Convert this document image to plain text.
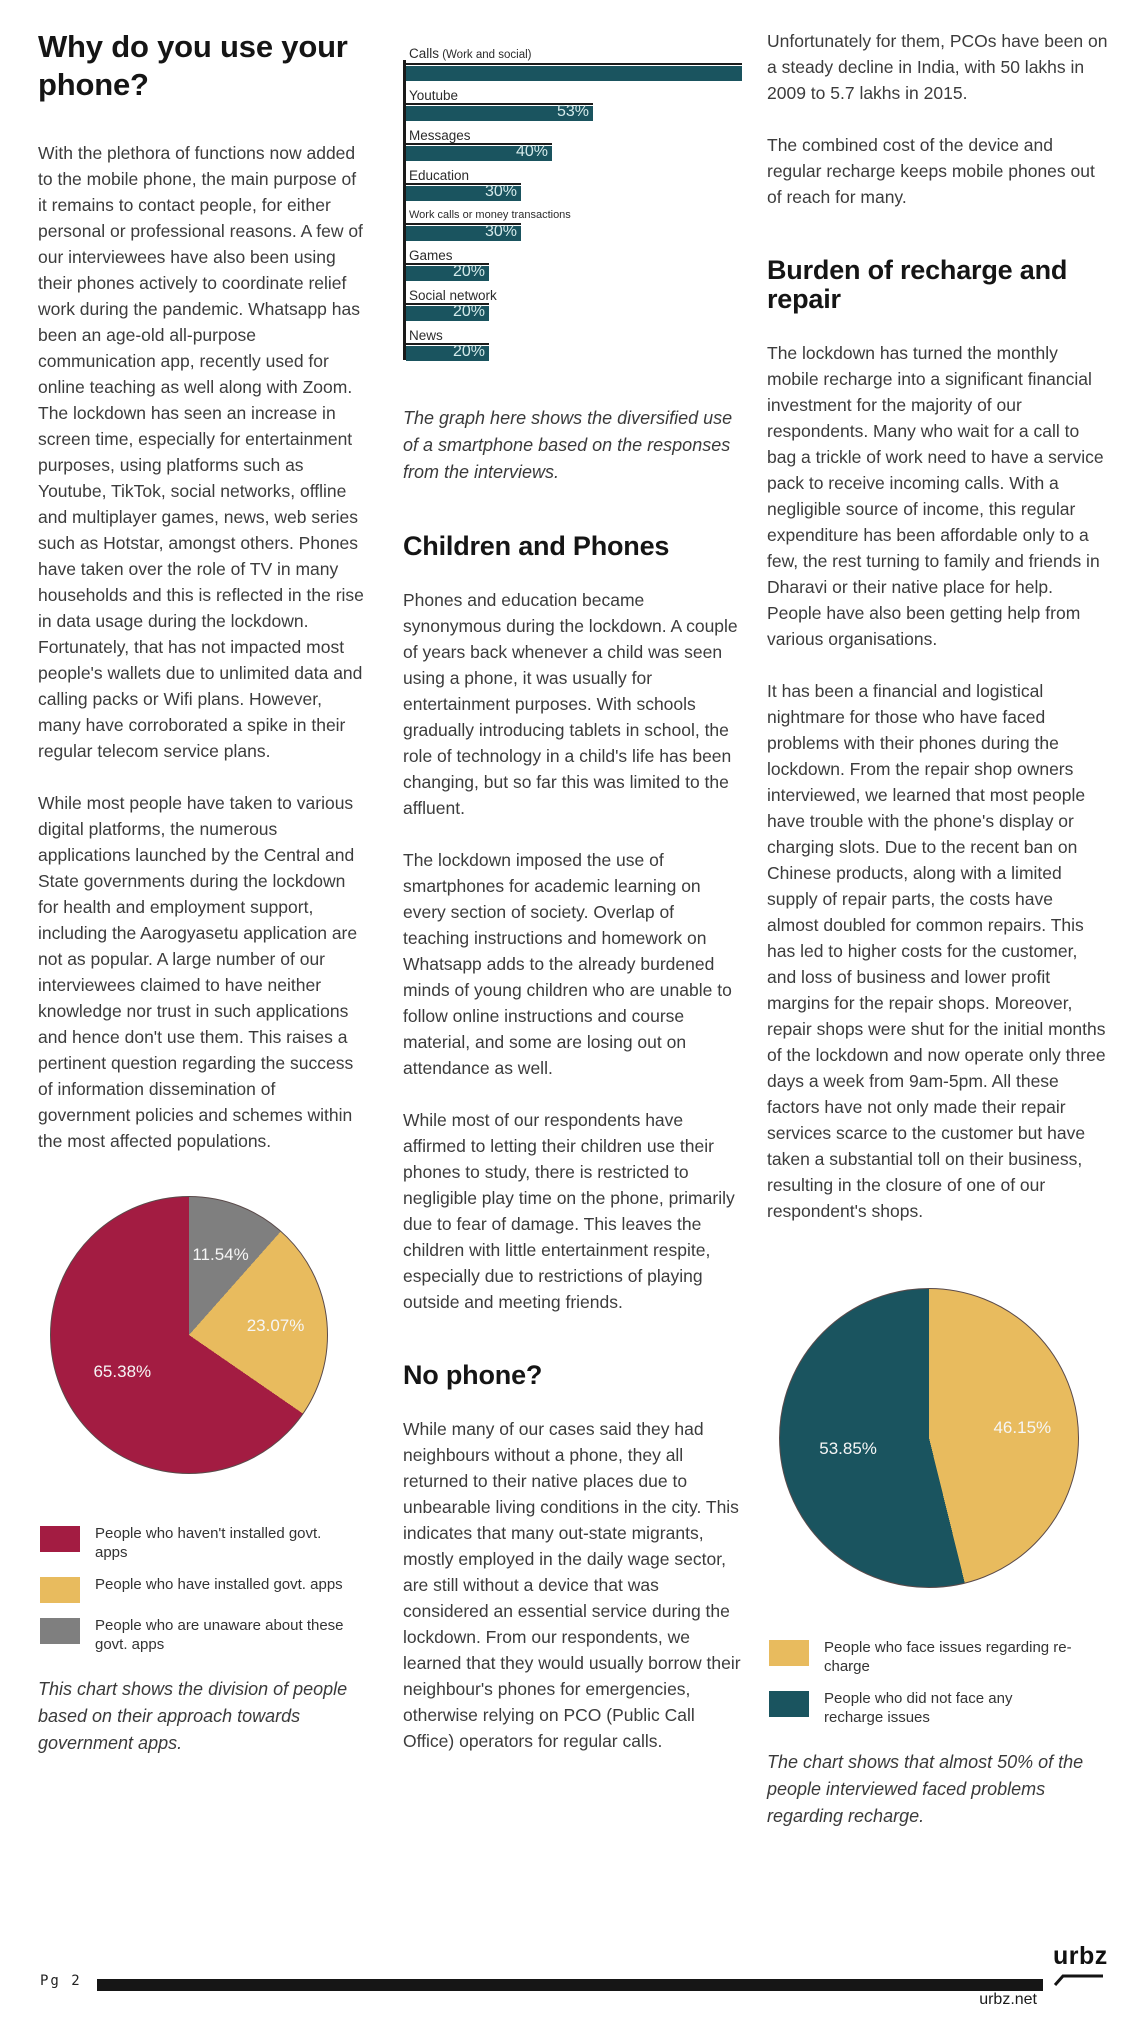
Why do you use your phone?

With the plethora of functions now added to the mobile phone, the main purpose of it remains to contact people, for either personal or professional reasons. A few of our interviewees have also been using their phones actively to coordinate relief work during the pandemic. Whatsapp has been an age-old all-purpose communication app, recently used for online teaching as well along with Zoom. The lockdown has seen an increase in screen time, especially for entertainment purposes, using platforms such as Youtube, TikTok, social networks, offline and multiplayer games, news, web series such as Hotstar, amongst others. Phones have taken over the role of TV in many households and this is reflected in the rise in data usage during the lockdown. Fortunately, that has not impacted most people's wallets due to unlimited data and calling packs or Wifi plans. However, many have corroborated a spike in their regular telecom service plans.

While most people have taken to various digital platforms, the numerous applications launched by the Central and State governments during the lockdown for health and employment support, including the Aarogyasetu application are not as popular. A large number of our interviewees claimed to have neither knowledge nor trust in such applications and hence don't use them. This raises a pertinent question regarding the success of information dissemination of government policies and schemes within the most affected populations.

11.54%
23.07%
65.38%
People who haven't installed govt. apps
People who have installed govt. apps
People who are unaware about these govt. apps

This chart shows the division of people based on their approach towards government apps.

Calls (Work and social)
Youtube
53%
Messages
40%
Education
30%
Work calls or money transactions
30%
Games
20%
Social network
20%
News
20%

The graph here shows the diversified use of a smartphone based on the responses from the interviews.

Children and Phones

Phones and education became synonymous during the lockdown. A couple of years back whenever a child was seen using a phone, it was usually for entertainment purposes. With schools gradually introducing tablets in school, the role of technology in a child's life has been changing, but so far this was limited to the affluent.

The lockdown imposed the use of smartphones for academic learning on every section of society. Overlap of teaching instructions and homework on Whatsapp adds to the already burdened minds of young children who are unable to follow online instructions and course material, and some are losing out on attendance as well.

While most of our respondents have affirmed to letting their children use their phones to study, there is restricted to negligible play time on the phone, primarily due to fear of damage. This leaves the children with little entertainment respite, especially due to restrictions of playing outside and meeting friends.

No phone?

While many of our cases said they had neighbours without a phone, they all returned to their native places due to unbearable living conditions in the city. This indicates that many out-state migrants, mostly employed in the daily wage sector, are still without a device that was considered an essential service during the lockdown. From our respondents, we learned that they would usually borrow their neighbour's phones for emergencies, otherwise relying on PCO (Public Call Office) operators for regular calls.

Unfortunately for them, PCOs have been on a steady decline in India, with 50 lakhs in 2009 to 5.7 lakhs in 2015.

The combined cost of the device and regular recharge keeps mobile phones out of reach for many.

Burden of recharge and repair

The lockdown has turned the monthly mobile recharge into a significant financial investment for the majority of our respondents. Many who wait for a call to bag a trickle of work need to have a service pack to receive incoming calls. With a negligible source of income, this regular expenditure has been affordable only to a few, the rest turning to family and friends in Dharavi or their native place for help. People have also been getting help from various organisations.

It has been a financial and logistical nightmare for those who have faced problems with their phones during the lockdown. From the repair shop owners interviewed, we learned that most people have trouble with the phone's display or charging slots. Due to the recent ban on Chinese products, along with a limited supply of repair parts, the costs have almost doubled for common repairs. This has led to higher costs for the customer, and loss of business and lower profit margins for the repair shops. Moreover, repair shops were shut for the initial months of the lockdown and now operate only three days a week from 9am-5pm. All these factors have not only made their repair services scarce to the customer but have taken a substantial toll on their business, resulting in the closure of one of our respondent's shops.

46.15%
53.85%
People who face issues regarding re-charge
People who did not face any recharge issues

The chart shows that almost 50% of the people interviewed faced problems regarding recharge.

Pg 2
urbz
urbz.net
